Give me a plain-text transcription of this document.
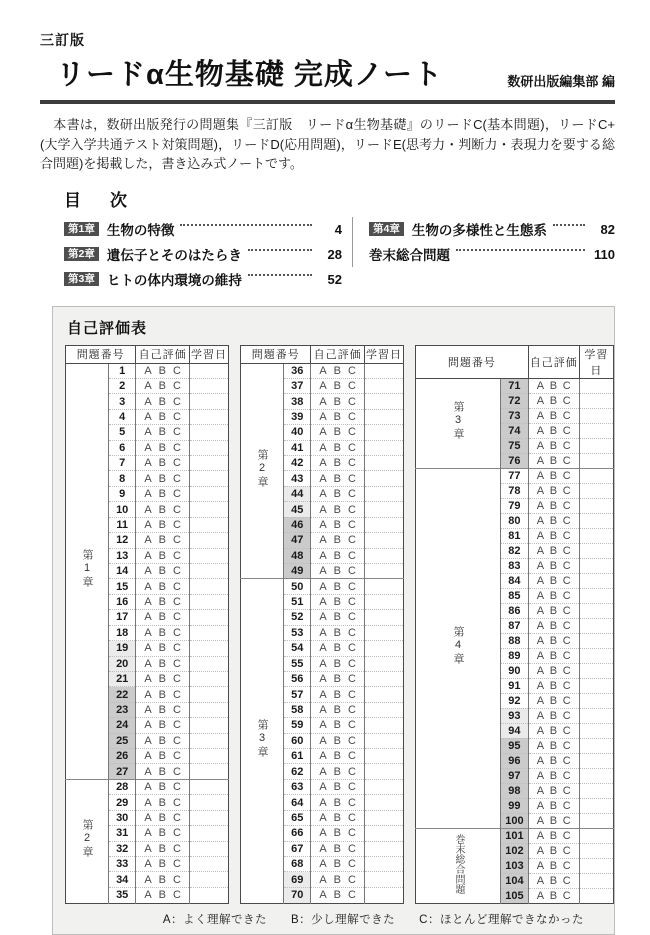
三訂版
リードα生物基礎 完成ノート	数研出版編集部 編

　本書は，数研出版発行の問題集『三訂版　リードα生物基礎』のリードC(基本問題)，リードC+(大学入学共通テスト対策問題)，リードD(応用問題)，リードE(思考力・判断力・表現力を要する総合問題)を掲載した，書き込み式ノートです。

目　次
第1章 生物の特徴	4
第2章 遺伝子とそのはたらき	28
第3章 ヒトの体内環境の維持	52
第4章 生物の多様性と生態系	82
巻末総合問題	110
自己評価表
問題番号		自己評価	学習日
第1章	1	A B C	

	2	A B C	

	3	A B C	

	4	A B C	

	5	A B C	

	6	A B C	

	7	A B C	

	8	A B C	

	9	A B C	

	10	A B C	

	11	A B C	

	12	A B C	

	13	A B C	

	14	A B C	

	15	A B C	

	16	A B C	

	17	A B C	

	18	A B C	

	19	A B C	

	20	A B C	

	21	A B C	

	22	A B C	

	23	A B C	

	24	A B C	

	25	A B C	

	26	A B C	

	27	A B C	

第2章	28	A B C	

	29	A B C	

	30	A B C	

	31	A B C	

	32	A B C	

	33	A B C	

	34	A B C	

	35	A B C	

問題番号		自己評価	学習日
第2章	36	A B C	

	37	A B C	

	38	A B C	

	39	A B C	

	40	A B C	

	41	A B C	

	42	A B C	

	43	A B C	

	44	A B C	

	45	A B C	

	46	A B C	

	47	A B C	

	48	A B C	

	49	A B C	

第3章	50	A B C	

	51	A B C	

	52	A B C	

	53	A B C	

	54	A B C	

	55	A B C	

	56	A B C	

	57	A B C	

	58	A B C	

	59	A B C	

	60	A B C	

	61	A B C	

	62	A B C	

	63	A B C	

	64	A B C	

	65	A B C	

	66	A B C	

	67	A B C	

	68	A B C	

	69	A B C	

	70	A B C	

問題番号		自己評価	学習日
第3章	71	A B C	

	72	A B C	

	73	A B C	

	74	A B C	

	75	A B C	

	76	A B C	

第4章	77	A B C	

	78	A B C	

	79	A B C	

	80	A B C	

	81	A B C	

	82	A B C	

	83	A B C	

	84	A B C	

	85	A B C	

	86	A B C	

	87	A B C	

	88	A B C	

	89	A B C	

	90	A B C	

	91	A B C	

	92	A B C	

	93	A B C	

	94	A B C	

	95	A B C	

	96	A B C	

	97	A B C	

	98	A B C	

	99	A B C	

	100	A B C	

巻末総合問題	101	A B C	

	102	A B C	

	103	A B C	

	104	A B C	

	105	A B C	

A：よく理解できた　　B：少し理解できた　　C：ほとんど理解できなかった
